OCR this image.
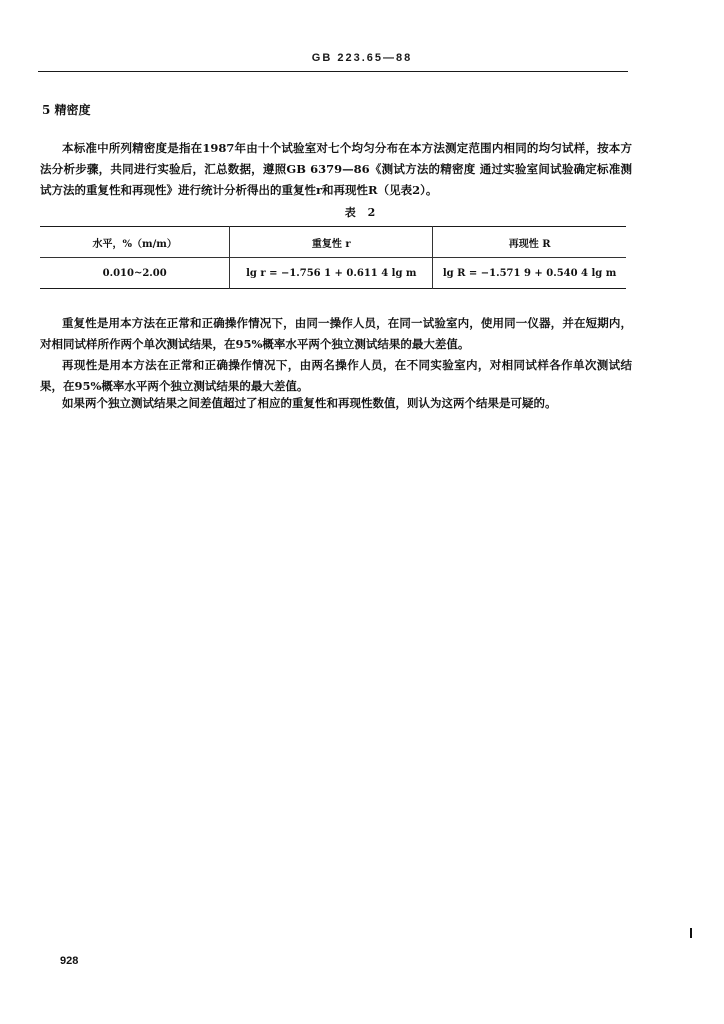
GB 223.65—88
5 精密度

本标准中所列精密度是指在1987年由十个试验室对七个均匀分布在本方法测定范围内相同的均匀试样，按本方法分析步骤，共同进行实验后，汇总数据，遵照GB 6379—86《测试方法的精密度 通过实验室间试验确定标准测试方法的重复性和再现性》进行统计分析得出的重复性r和再现性R（见表2）。

表 2
水平，%（m/m）	重复性 r	再现性 R
0.010~2.00	lg r = −1.756 1 + 0.611 4 lg m	lg R = −1.571 9 + 0.540 4 lg m

重复性是用本方法在正常和正确操作情况下，由同一操作人员，在同一试验室内，使用同一仪器，并在短期内，对相同试样所作两个单次测试结果，在95%概率水平两个独立测试结果的最大差值。

再现性是用本方法在正常和正确操作情况下，由两名操作人员，在不同实验室内，对相同试样各作单次测试结果，在95%概率水平两个独立测试结果的最大差值。

如果两个独立测试结果之间差值超过了相应的重复性和再现性数值，则认为这两个结果是可疑的。

928
